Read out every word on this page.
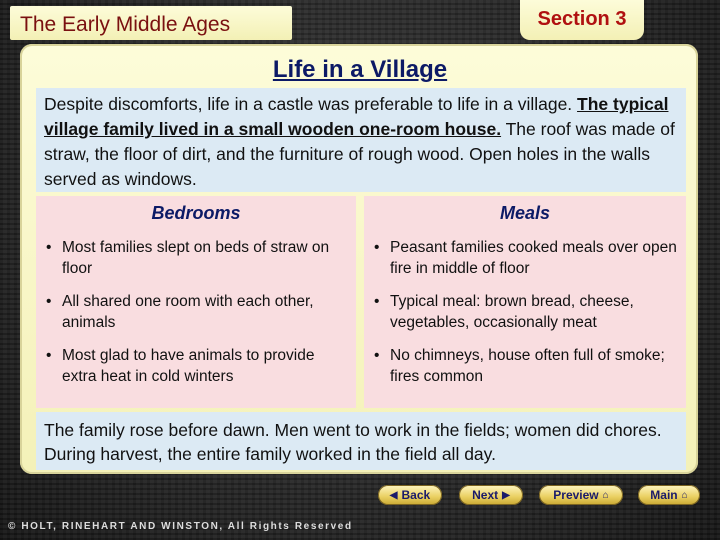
The Early Middle Ages	Section 3
Life in a Village
Despite discomforts, life in a castle was preferable to life in a village. The typical village family lived in a small wooden one-room house. The roof was made of straw, the floor of dirt, and the furniture of rough wood. Open holes in the walls served as windows.
Bedrooms
• Most families slept on beds of straw on floor
• All shared one room with each other, animals
• Most glad to have animals to provide extra heat in cold winters
Meals
• Peasant families cooked meals over open fire in middle of floor
• Typical meal: brown bread, cheese, vegetables, occasionally meat
• No chimneys, house often full of smoke; fires common
The family rose before dawn. Men went to work in the fields; women did chores. During harvest, the entire family worked in the field all day.
◀ Back	Next ▶	Preview ⌂	Main ⌂
© HOLT, RINEHART AND WINSTON, All Rights Reserved
